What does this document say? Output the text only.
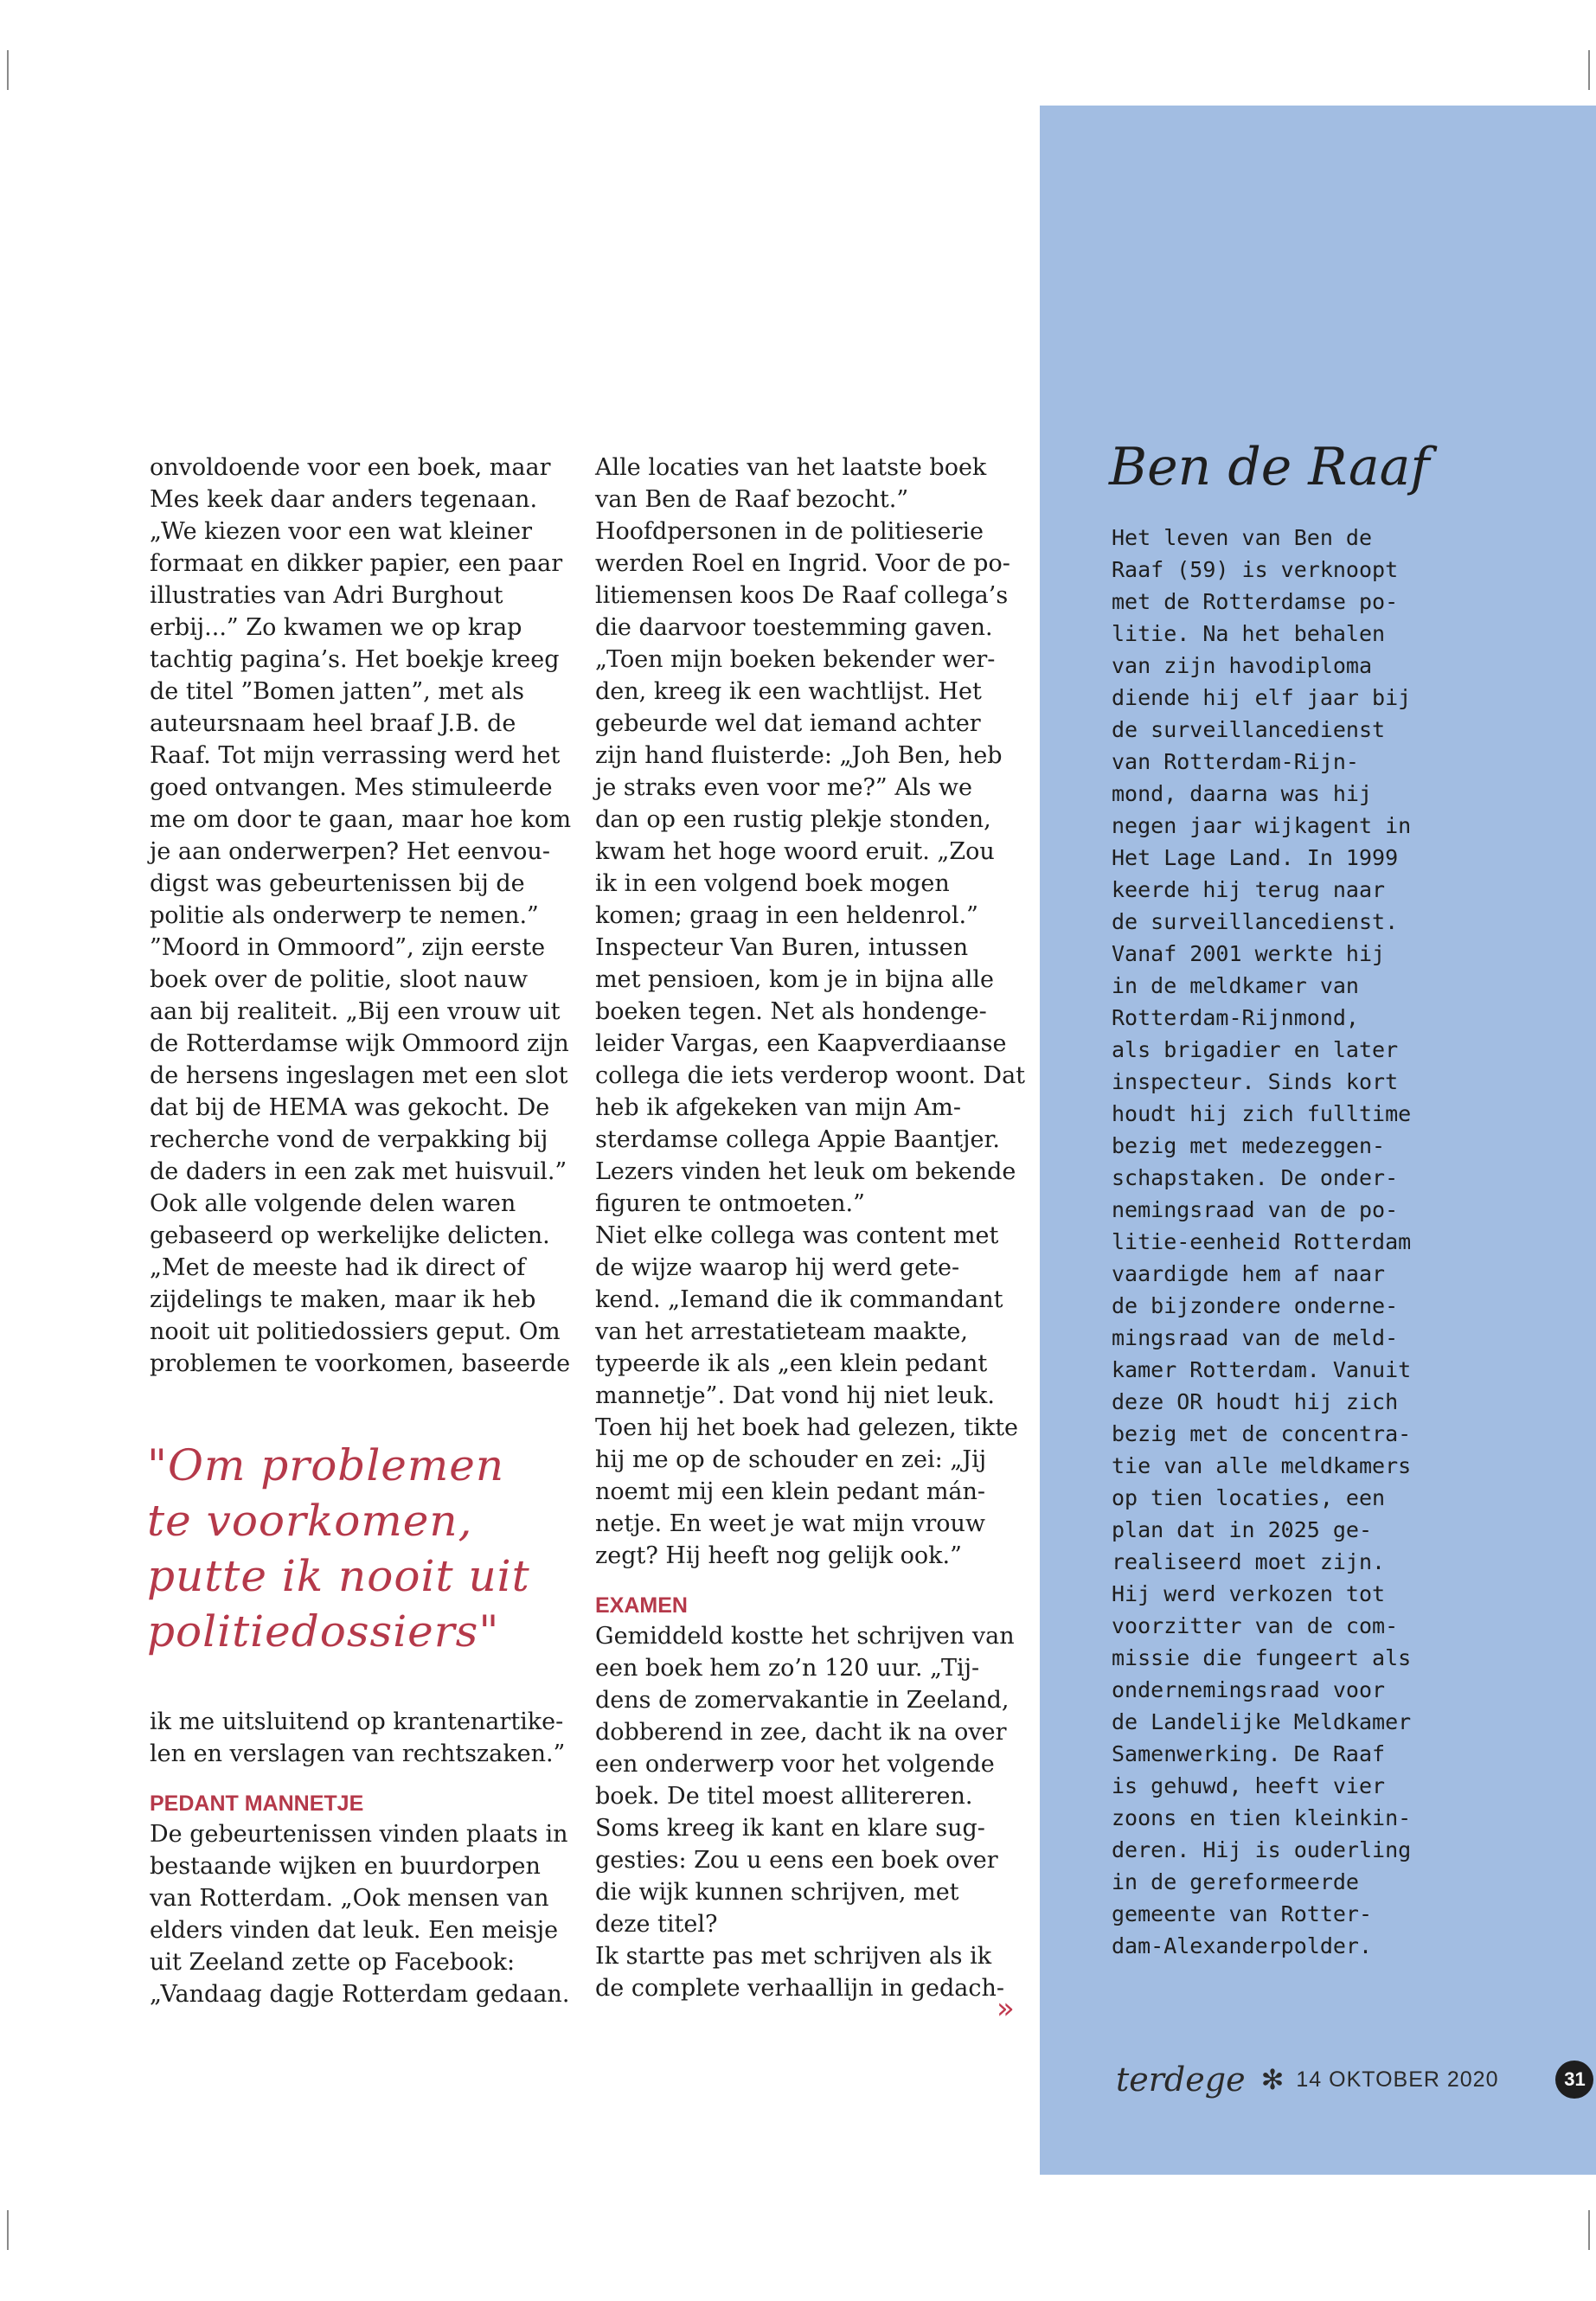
onvoldoende voor een boek, maar
Mes keek daar anders tegenaan.
„We kiezen voor een wat kleiner
formaat en dikker papier, een paar
illustraties van Adri Burghout
erbij...” Zo kwamen we op krap
tachtig pagina’s. Het boekje kreeg
de titel ”Bomen jatten”, met als
auteursnaam heel braaf J.B. de
Raaf. Tot mijn verrassing werd het
goed ontvangen. Mes stimuleerde
me om door te gaan, maar hoe kom
je aan onderwerpen? Het eenvou-
digst was gebeurtenissen bij de
politie als onderwerp te nemen.”
”Moord in Ommoord”, zijn eerste
boek over de politie, sloot nauw
aan bij realiteit. „Bij een vrouw uit
de Rotterdamse wijk Ommoord zijn
de hersens ingeslagen met een slot
dat bij de HEMA was gekocht. De
recherche vond de verpakking bij
de daders in een zak met huisvuil.”
Ook alle volgende delen waren
gebaseerd op werkelijke delicten.
„Met de meeste had ik direct of
zijdelings te maken, maar ik heb
nooit uit politiedossiers geput. Om
problemen te voorkomen, baseerde
"Om problemen
te voorkomen,
putte ik nooit uit
politiedossiers"
ik me uitsluitend op krantenartike-
len en verslagen van rechtszaken.”
PEDANT MANNETJE
De gebeurtenissen vinden plaats in
bestaande wijken en buurdorpen
van Rotterdam. „Ook mensen van
elders vinden dat leuk. Een meisje
uit Zeeland zette op Facebook:
„Vandaag dagje Rotterdam gedaan.
Alle locaties van het laatste boek
van Ben de Raaf bezocht.”
Hoofdpersonen in de politieserie
werden Roel en Ingrid. Voor de po-
litiemensen koos De Raaf collega’s
die daarvoor toestemming gaven.
„Toen mijn boeken bekender wer-
den, kreeg ik een wachtlijst. Het
gebeurde wel dat iemand achter
zijn hand fluisterde: „Joh Ben, heb
je straks even voor me?” Als we
dan op een rustig plekje stonden,
kwam het hoge woord eruit. „Zou
ik in een volgend boek mogen
komen; graag in een heldenrol.”
Inspecteur Van Buren, intussen
met pensioen, kom je in bijna alle
boeken tegen. Net als hondenge-
leider Vargas, een Kaapverdiaanse
collega die iets verderop woont. Dat
heb ik afgekeken van mijn Am-
sterdamse collega Appie Baantjer.
Lezers vinden het leuk om bekende
figuren te ontmoeten.”
Niet elke collega was content met
de wijze waarop hij werd gete-
kend. „Iemand die ik commandant
van het arrestatieteam maakte,
typeerde ik als „een klein pedant
mannetje”. Dat vond hij niet leuk.
Toen hij het boek had gelezen, tikte
hij me op de schouder en zei: „Jij
noemt mij een klein pedant mán-
netje. En weet je wat mijn vrouw
zegt? Hij heeft nog gelijk ook.”
EXAMEN
Gemiddeld kostte het schrijven van
een boek hem zo’n 120 uur. „Tij-
dens de zomervakantie in Zeeland,
dobberend in zee, dacht ik na over
een onderwerp voor het volgende
boek. De titel moest allitereren.
Soms kreeg ik kant en klare sug-
gesties: Zou u eens een boek over
die wijk kunnen schrijven, met
deze titel?
Ik startte pas met schrijven als ik
de complete verhaallijn in gedach-
»
Ben de Raaf
Het leven van Ben de
Raaf (59) is verknoopt
met de Rotterdamse po-
litie. Na het behalen
van zijn havodiploma
diende hij elf jaar bij
de surveillancedienst
van Rotterdam-Rijn-
mond, daarna was hij
negen jaar wijkagent in
Het Lage Land. In 1999
keerde hij terug naar
de surveillancedienst.
Vanaf 2001 werkte hij
in de meldkamer van
Rotterdam-Rijnmond,
als brigadier en later
inspecteur. Sinds kort
houdt hij zich fulltime
bezig met medezeggen-
schapstaken. De onder-
nemingsraad van de po-
litie-eenheid Rotterdam
vaardigde hem af naar
de bijzondere onderne-
mingsraad van de meld-
kamer Rotterdam. Vanuit
deze OR houdt hij zich
bezig met de concentra-
tie van alle meldkamers
op tien locaties, een
plan dat in 2025 ge-
realiseerd moet zijn.
Hij werd verkozen tot
voorzitter van de com-
missie die fungeert als
ondernemingsraad voor
de Landelijke Meldkamer
Samenwerking. De Raaf
is gehuwd, heeft vier
zoons en tien kleinkin-
deren. Hij is ouderling
in de gereformeerde
gemeente van Rotter-
dam-Alexanderpolder.
terdege ✻ 14 OKTOBER 2020	31
